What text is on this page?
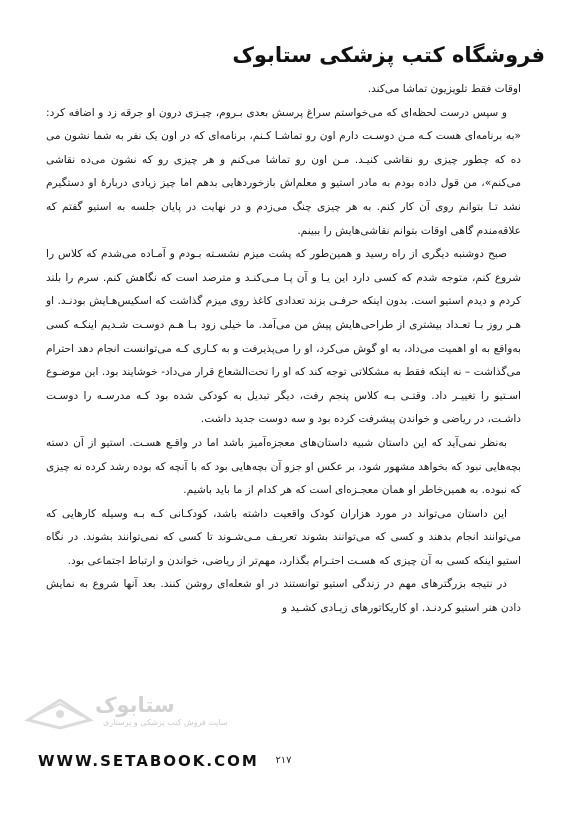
فروشگاه کتب پزشکی ستابوک

اوقات فقط تلویزیون تماشا می‌کند.

و سپس درست لحظه‌ای که می‌خواستم سراغ پرسش بعدی بـروم، چیـزی درون او جرقه زد و اضافه کرد: «به برنامه‌ای هست کـه مـن دوسـت دارم اون رو تماشـا کـنم، برنامه‌ای که در اون یک نفر به شما نشون می ده که چطور چیزی رو نقاشی کنیـد. مـن اون رو تماشا می‌کنم و هر چیزی رو که نشون می‌ده نقاشی می‌کنم»، من قول داده بودم به مادر استیو و معلم‌اش بازخوردهایی بدهم اما چیز زیادی دربارهٔ او دستگیرم نشد تـا بتوانم روی آن کار کنم. به هر چیزی چنگ می‌زدم و در نهایت در پایان جلسه به استیو گفتم که علاقه‌مندم گاهی اوقات بتوانم نقاشی‌هایش را ببینم.

صبح دوشنبه دیگری از راه رسید و همین‌طور که پشت میزم نشسـته بـودم و آمـاده می‌شدم که کلاس را شروع کنم، متوجه شدم که کسی دارد این یـا و آن پـا مـی‌کنـد و مترصد است که نگاهش کنم. سرم را بلند کردم و دیدم استیو است. بدون اینکه حرفـی بزند تعدادی کاغذ روی میزم گذاشت که اسکیس‌هـایش بودنـد. او هـر روز بـا تعـداد بیشتری از طراحی‌هایش پیش من می‌آمد. ما خیلی زود بـا هـم دوسـت شـدیم اینکـه کسی به‌واقع به او اهمیت می‌داد، به او گوش می‌کرد، او را می‌پذیرفت و به کـاری کـه می‌توانست انجام دهد احترام می‌گذاشت – نه اینکه فقط به مشکلاتی توجه کند که او را تحت‌الشعاع قرار می‌داد- خوشایند بود. این موضـوع اسـتیو را تغییـر داد. وقتـی بـه کلاس پنجم رفت، دیگر تبدیل به کودکی شده بود کـه مدرسـه را دوسـت داشـت، در ریاضی و خواندن پیشرفت کرده بود و سه دوست جدید داشت.

به‌نظر نمی‌آید که این داستان شبیه داستان‌های معجزه‌آمیز باشد اما در واقـع هسـت. استیو از آن دسته بچه‌هایی نبود که بخواهد مشهور شود، بر عکس او جزو آن بچه‌هایی بود که با آنچه که بوده رشد کرده نه چیزی که نبوده. به همین‌خاطر او همان معجـزه‌ای است که هر کدام از ما باید باشیم.

این داستان می‌تواند در مورد هزاران کودک واقعیت داشته باشد، کودکـانی کـه بـه وسیله کارهایی که می‌توانند انجام بدهند و کسی که می‌توانند بشوند تعریـف مـی‌شـوند تا کسی که نمی‌توانند بشوند. در نگاه استیو اینکه کسی به آن چیزی که هسـت احتـرام بگذارد، مهم‌تر از ریاضی، خواندن و ارتباط اجتماعی بود.

در نتیجه بزرگترهای مهم در زندگی استیو توانستند در او شعله‌ای روشن کنند. بعد آنها شروع به نمایش دادن هنر استیو کردنـد. او کاریکاتورهای زیـادی کشـید و

ستابوک
سایت فروش کتب پزشکی و پرستاری
WWW.SETABOOK.COM	۲۱۷
